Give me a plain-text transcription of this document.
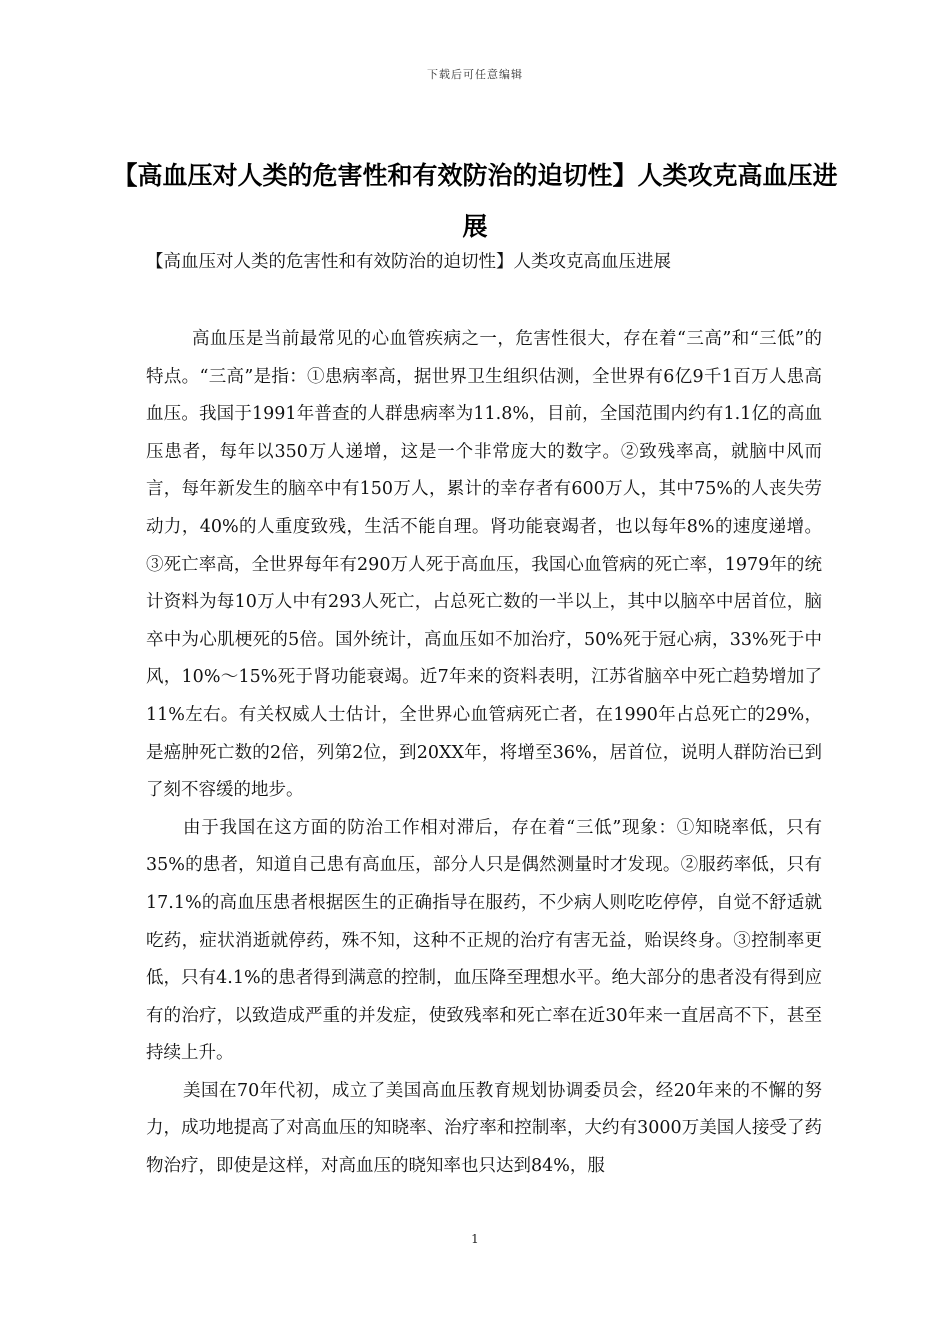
下载后可任意编辑
【高血压对人类的危害性和有效防治的迫切性】人类攻克高血压进展
【高血压对人类的危害性和有效防治的迫切性】人类攻克高血压进展

高血压是当前最常见的心血管疾病之一，危害性很大，存在着“三高”和“三低”的特点。“三高”是指：①患病率高，据世界卫生组织估测，全世界有6亿9千1百万人患高血压。我国于1991年普查的人群患病率为11.8%，目前，全国范围内约有1.1亿的高血压患者，每年以350万人递增，这是一个非常庞大的数字。②致残率高，就脑中风而言，每年新发生的脑卒中有150万人，累计的幸存者有600万人，其中75%的人丧失劳动力，40%的人重度致残，生活不能自理。肾功能衰竭者，也以每年8%的速度递增。③死亡率高，全世界每年有290万人死于高血压，我国心血管病的死亡率，1979年的统计资料为每10万人中有293人死亡，占总死亡数的一半以上，其中以脑卒中居首位，脑卒中为心肌梗死的5倍。国外统计，高血压如不加治疗，50%死于冠心病，33%死于中风，10%～15%死于肾功能衰竭。近7年来的资料表明，江苏省脑卒中死亡趋势增加了11%左右。有关权威人士估计，全世界心血管病死亡者，在1990年占总死亡的29%，是癌肿死亡数的2倍，列第2位，到20XX年，将增至36%，居首位，说明人群防治已到了刻不容缓的地步。

由于我国在这方面的防治工作相对滞后，存在着“三低”现象：①知晓率低，只有35%的患者，知道自己患有高血压，部分人只是偶然测量时才发现。②服药率低，只有17.1%的高血压患者根据医生的正确指导在服药，不少病人则吃吃停停，自觉不舒适就吃药，症状消逝就停药，殊不知，这种不正规的治疗有害无益，贻误终身。③控制率更低，只有4.1%的患者得到满意的控制，血压降至理想水平。绝大部分的患者没有得到应有的治疗，以致造成严重的并发症，使致残率和死亡率在近30年来一直居高不下，甚至持续上升。

美国在70年代初，成立了美国高血压教育规划协调委员会，经20年来的不懈的努力，成功地提高了对高血压的知晓率、治疗率和控制率，大约有3000万美国人接受了药物治疗，即使是这样，对高血压的晓知率也只达到84%，服

1
